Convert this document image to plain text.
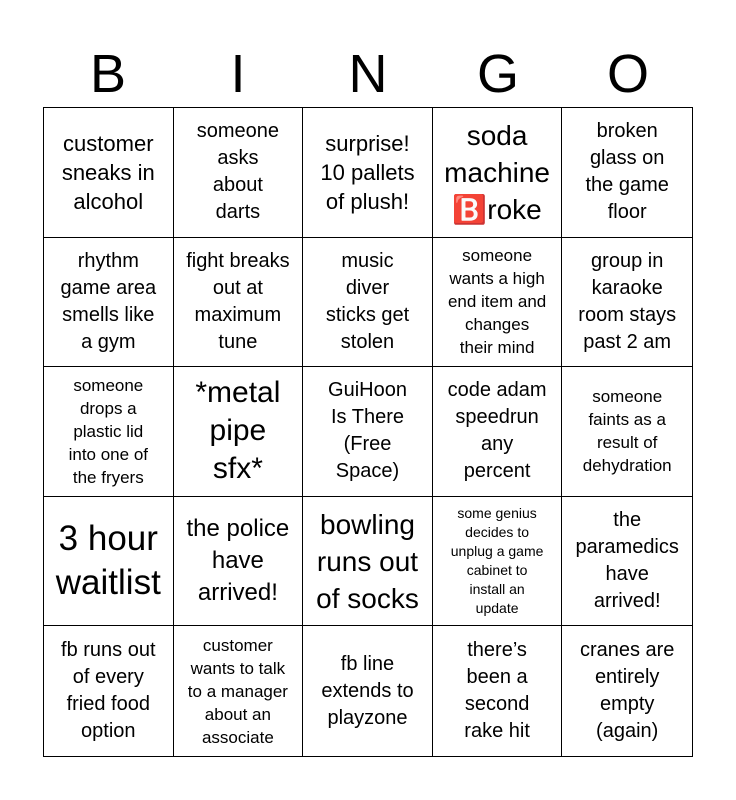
B	I	N	G	O
customer
sneaks in
alcohol
someone
asks
about
darts
surprise!
10 pallets
of plush!
soda
machine
🅱️roke
broken
glass on
the game
floor
rhythm
game area
smells like
a gym
fight breaks
out at
maximum
tune
music
diver
sticks get
stolen
someone
wants a high
end item and
changes
their mind
group in
karaoke
room stays
past 2 am
someone
drops a
plastic lid
into one of
the fryers
*metal
pipe
sfx*
GuiHoon
Is There
(Free
Space)
code adam
speedrun
any
percent
someone
faints as a
result of
dehydration
3 hour
waitlist
the police
have
arrived!
bowling
runs out
of socks
some genius
decides to
unplug a game
cabinet to
install an
update
the
paramedics
have
arrived!
fb runs out
of every
fried food
option
customer
wants to talk
to a manager
about an
associate
fb line
extends to
playzone
there’s
been a
second
rake hit
cranes are
entirely
empty
(again)
